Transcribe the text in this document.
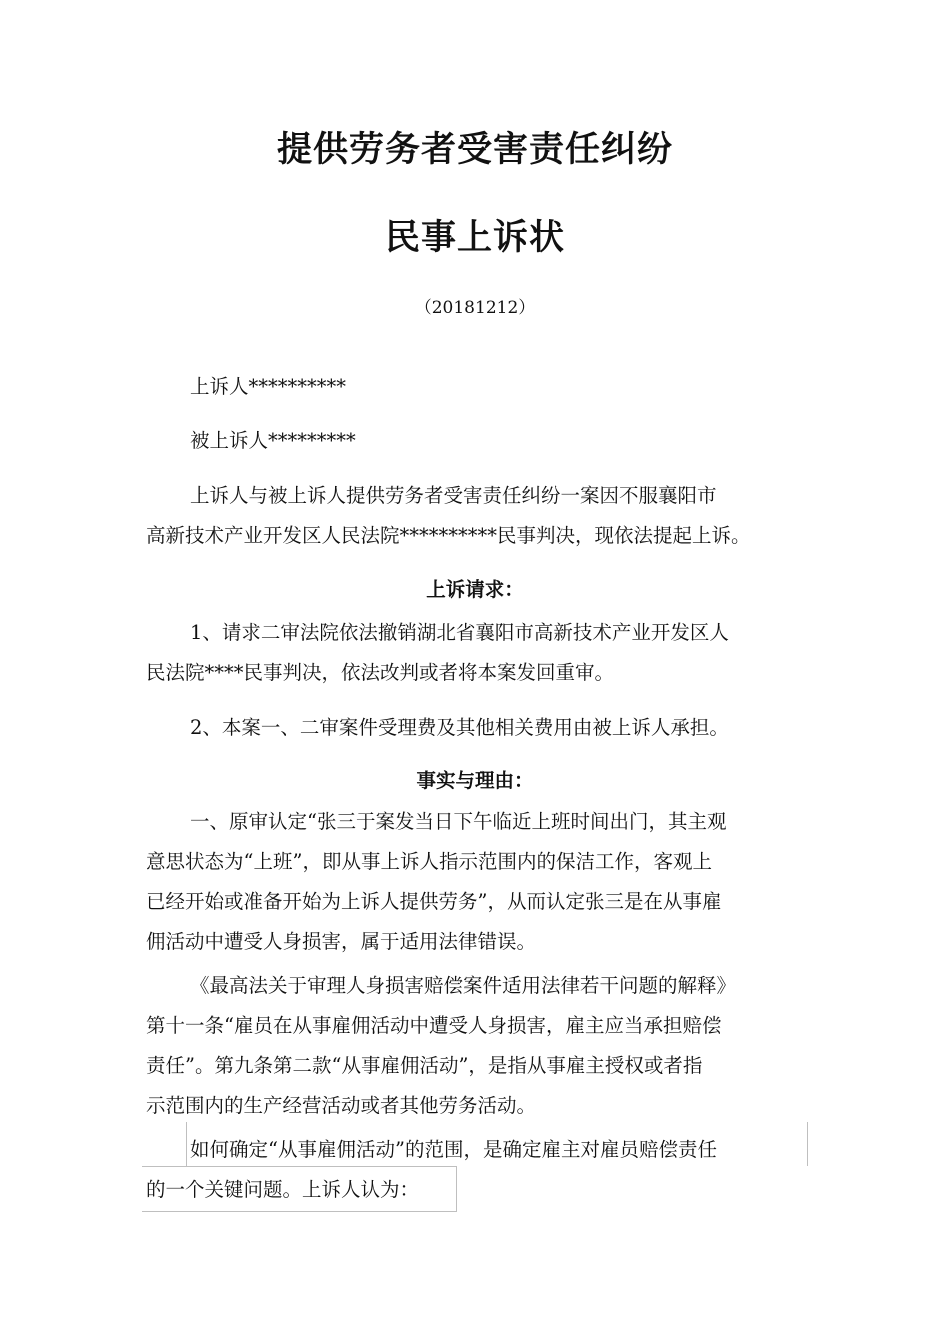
提供劳务者受害责任纠纷
民事上诉状
（20181212）
上诉人**********
被上诉人*********
上诉人与被上诉人提供劳务者受害责任纠纷一案因不服襄阳市
高新技术产业开发区人民法院**********民事判决，现依法提起上诉。
上诉请求：
1、请求二审法院依法撤销湖北省襄阳市高新技术产业开发区人
民法院****民事判决，依法改判或者将本案发回重审。
2、本案一、二审案件受理费及其他相关费用由被上诉人承担。
事实与理由：
一、原审认定“张三于案发当日下午临近上班时间出门，其主观
意思状态为“上班”，即从事上诉人指示范围内的保洁工作，客观上
已经开始或准备开始为上诉人提供劳务”，从而认定张三是在从事雇
佣活动中遭受人身损害，属于适用法律错误。
《最高法关于审理人身损害赔偿案件适用法律若干问题的解释》
第十一条“雇员在从事雇佣活动中遭受人身损害，雇主应当承担赔偿
责任”。第九条第二款“从事雇佣活动”，是指从事雇主授权或者指
示范围内的生产经营活动或者其他劳务活动。
如何确定“从事雇佣活动”的范围，是确定雇主对雇员赔偿责任
的一个关键问题。上诉人认为：
